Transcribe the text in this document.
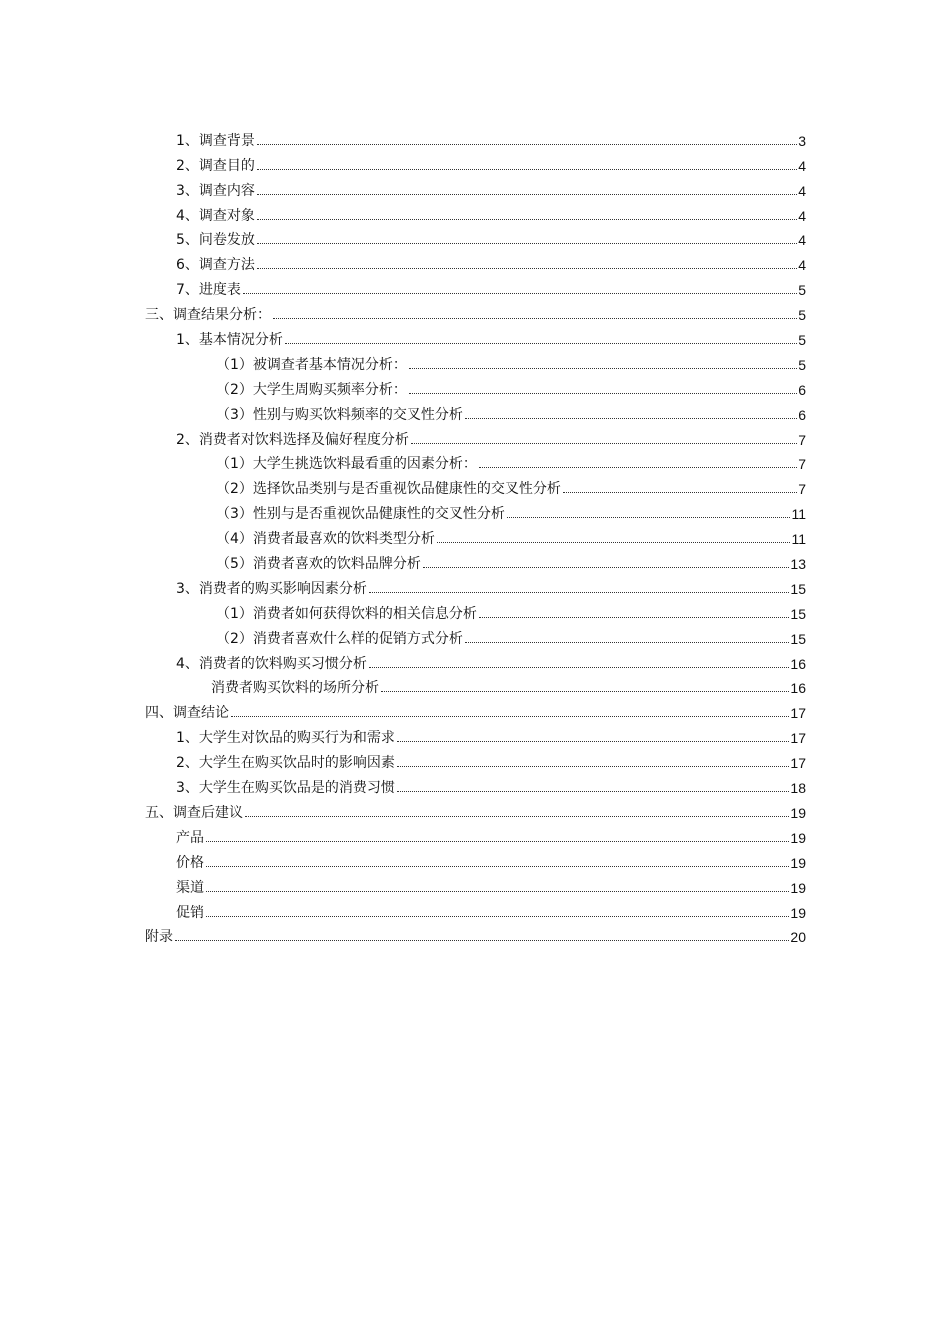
1、调查背景	3
2、调查目的	4
3、调查内容	4
4、调查对象	4
5、问卷发放	4
6、调查方法	4
7、进度表	5
三、调查结果分析：	5
1、基本情况分析	5
（1）被调查者基本情况分析：	5
（2）大学生周购买频率分析：	6
（3）性别与购买饮料频率的交叉性分析	6
2、消费者对饮料选择及偏好程度分析	7
（1）大学生挑选饮料最看重的因素分析：	7
（2）选择饮品类别与是否重视饮品健康性的交叉性分析	7
（3）性别与是否重视饮品健康性的交叉性分析	11
（4）消费者最喜欢的饮料类型分析	11
（5）消费者喜欢的饮料品牌分析	13
3、消费者的购买影响因素分析	15
（1）消费者如何获得饮料的相关信息分析	15
（2）消费者喜欢什么样的促销方式分析	15
4、消费者的饮料购买习惯分析	16
消费者购买饮料的场所分析	16
四、调查结论	17
1、大学生对饮品的购买行为和需求	17
2、大学生在购买饮品时的影响因素	17
3、大学生在购买饮品是的消费习惯	18
五、调查后建议	19
产品	19
价格	19
渠道	19
促销	19
附录	20
